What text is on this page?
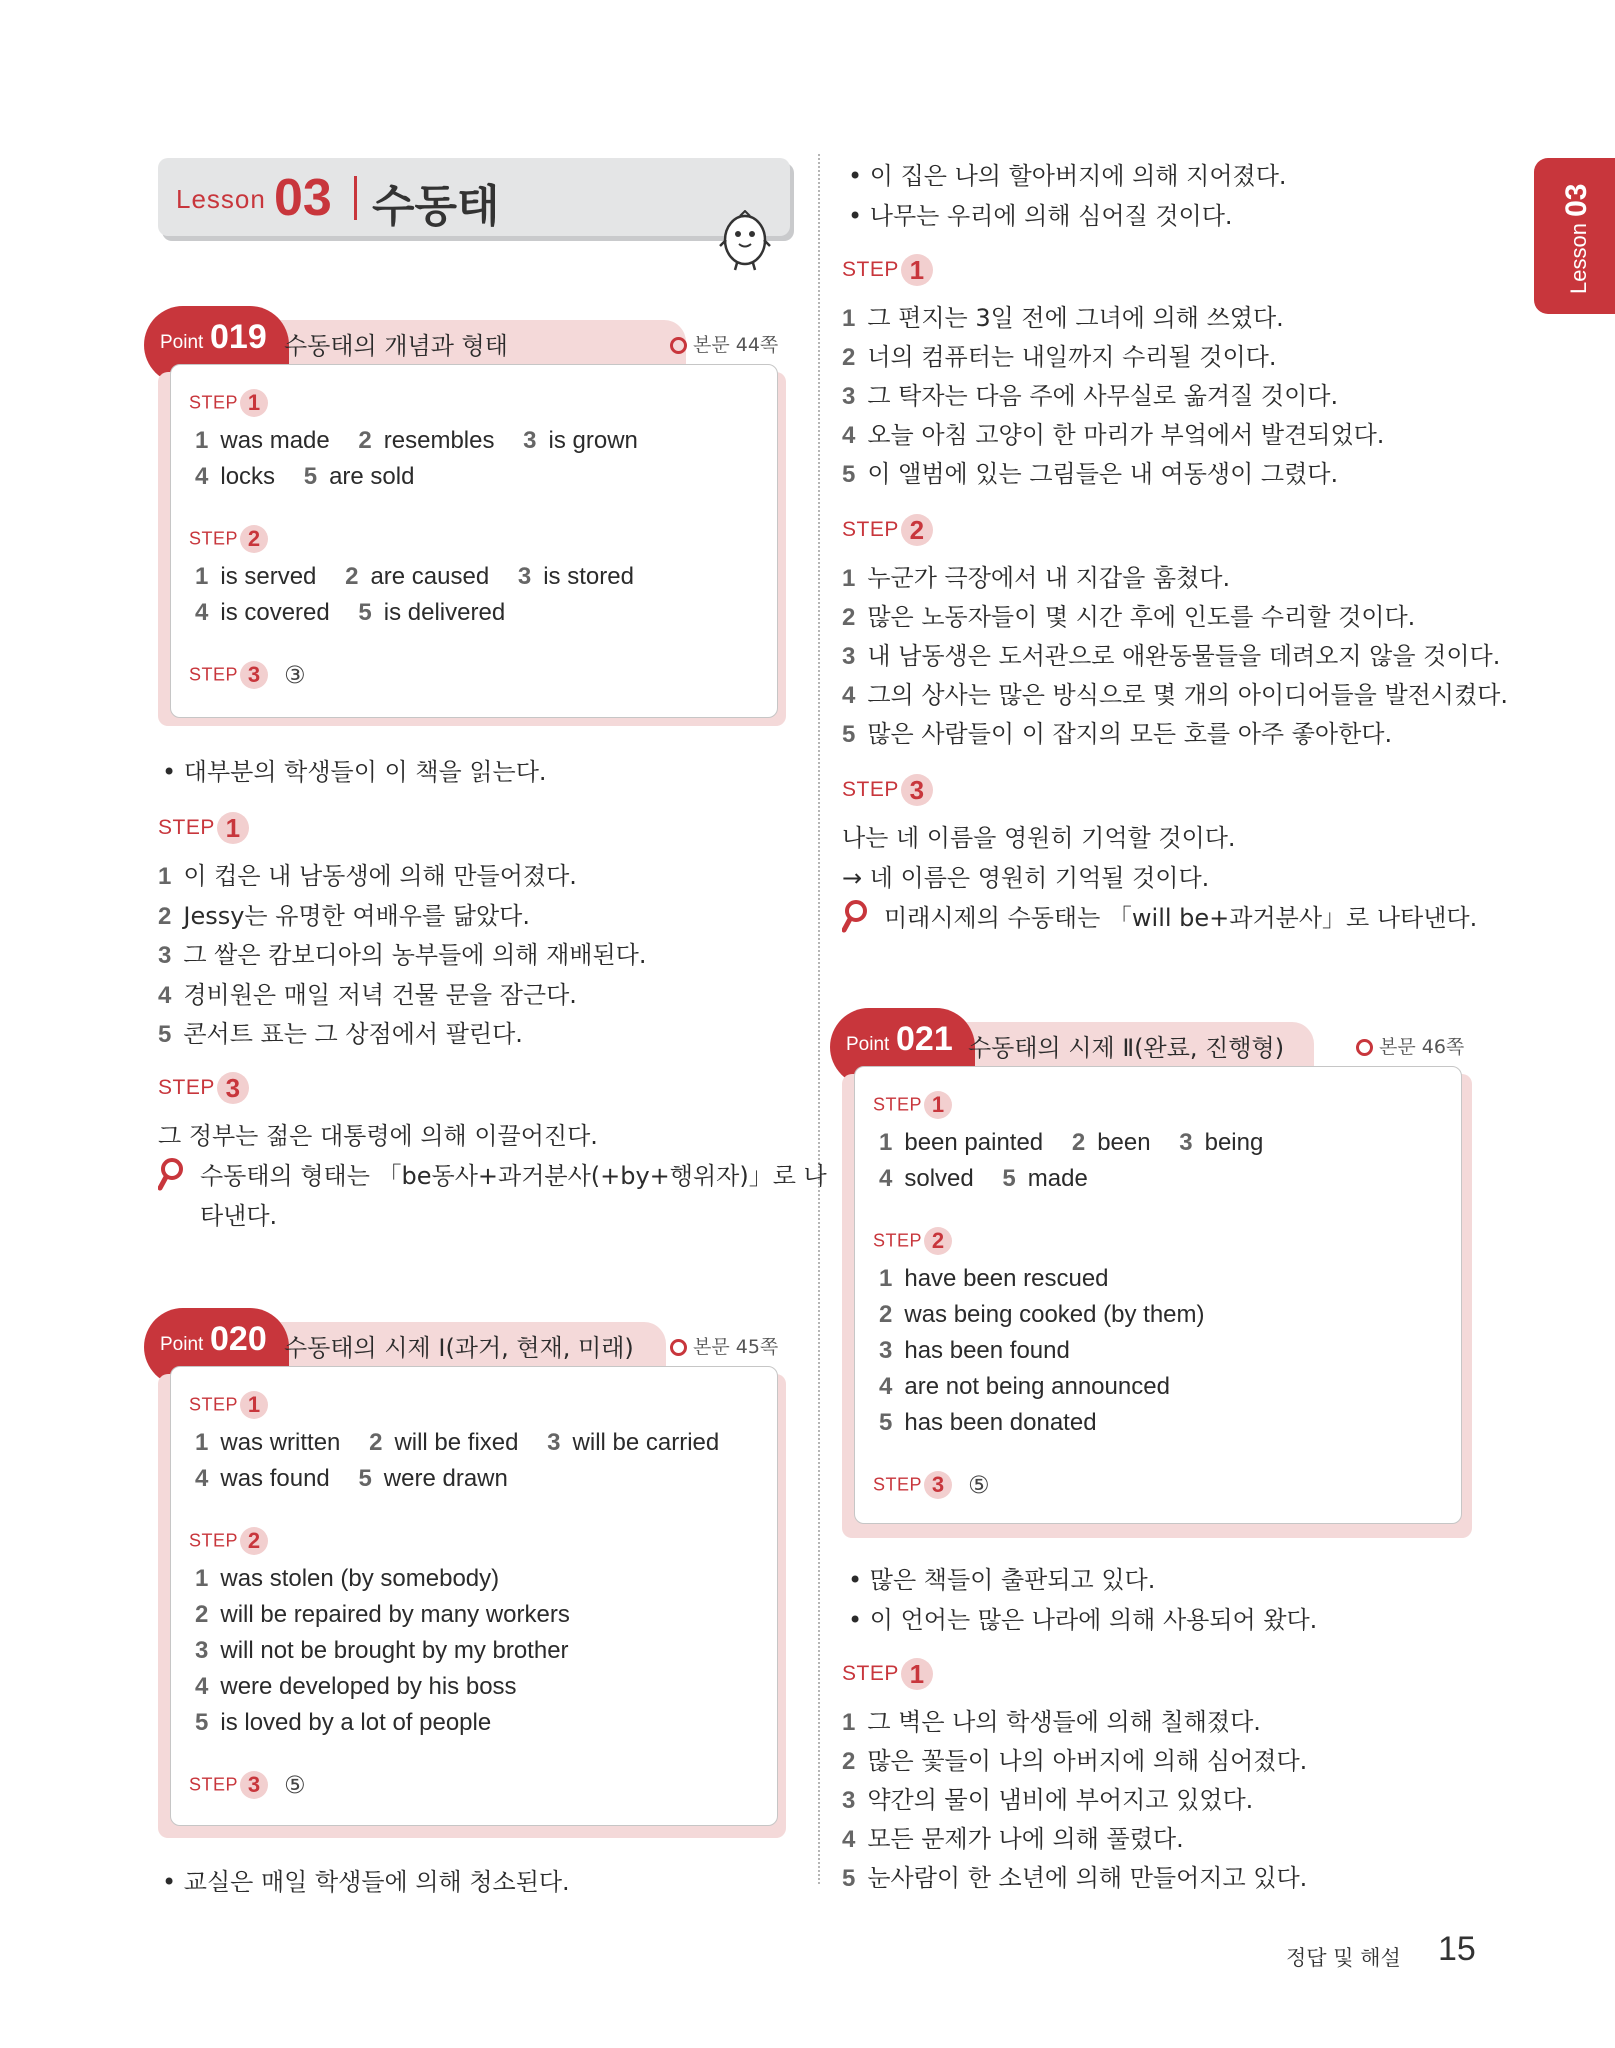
Lesson 03 수동태
Lesson 03
Point 019 수동태의 개념과 형태	본문 44쪽
STEP 1
1 was made 2 resembles 3 is grown
4 locks 5 are sold
STEP 2
1 is served 2 are caused 3 is stored
4 is covered 5 is delivered
STEP 3 ③
• 대부분의 학생들이 이 책을 읽는다.
STEP 1
1 이 컵은 내 남동생에 의해 만들어졌다.
2 Jessy는 유명한 여배우를 닮았다.
3 그 쌀은 캄보디아의 농부들에 의해 재배된다.
4 경비원은 매일 저녁 건물 문을 잠근다.
5 콘서트 표는 그 상점에서 팔린다.
STEP 3
그 정부는 젊은 대통령에 의해 이끌어진다.
수동태의 형태는 「be동사+과거분사(+by+행위자)」로 나
타낸다.
Point 020 수동태의 시제 Ⅰ(과거, 현재, 미래)	본문 45쪽
STEP 1
1 was written 2 will be fixed 3 will be carried
4 was found 5 were drawn
STEP 2
1 was stolen (by somebody)
2 will be repaired by many workers
3 will not be brought by my brother
4 were developed by his boss
5 is loved by a lot of people
STEP 3 ⑤
• 교실은 매일 학생들에 의해 청소된다.
• 이 집은 나의 할아버지에 의해 지어졌다.
• 나무는 우리에 의해 심어질 것이다.
STEP 1
1 그 편지는 3일 전에 그녀에 의해 쓰였다.
2 너의 컴퓨터는 내일까지 수리될 것이다.
3 그 탁자는 다음 주에 사무실로 옮겨질 것이다.
4 오늘 아침 고양이 한 마리가 부엌에서 발견되었다.
5 이 앨범에 있는 그림들은 내 여동생이 그렸다.
STEP 2
1 누군가 극장에서 내 지갑을 훔쳤다.
2 많은 노동자들이 몇 시간 후에 인도를 수리할 것이다.
3 내 남동생은 도서관으로 애완동물들을 데려오지 않을 것이다.
4 그의 상사는 많은 방식으로 몇 개의 아이디어들을 발전시켰다.
5 많은 사람들이 이 잡지의 모든 호를 아주 좋아한다.
STEP 3
나는 네 이름을 영원히 기억할 것이다.
→ 네 이름은 영원히 기억될 것이다.
미래시제의 수동태는 「will be+과거분사」로 나타낸다.
Point 021 수동태의 시제 Ⅱ(완료, 진행형)	본문 46쪽
STEP 1
1 been painted 2 been 3 being
4 solved 5 made
STEP 2
1 have been rescued
2 was being cooked (by them)
3 has been found
4 are not being announced
5 has been donated
STEP 3 ⑤
• 많은 책들이 출판되고 있다.
• 이 언어는 많은 나라에 의해 사용되어 왔다.
STEP 1
1 그 벽은 나의 학생들에 의해 칠해졌다.
2 많은 꽃들이 나의 아버지에 의해 심어졌다.
3 약간의 물이 냄비에 부어지고 있었다.
4 모든 문제가 나에 의해 풀렸다.
5 눈사람이 한 소년에 의해 만들어지고 있다.
정답 및 해설 15
